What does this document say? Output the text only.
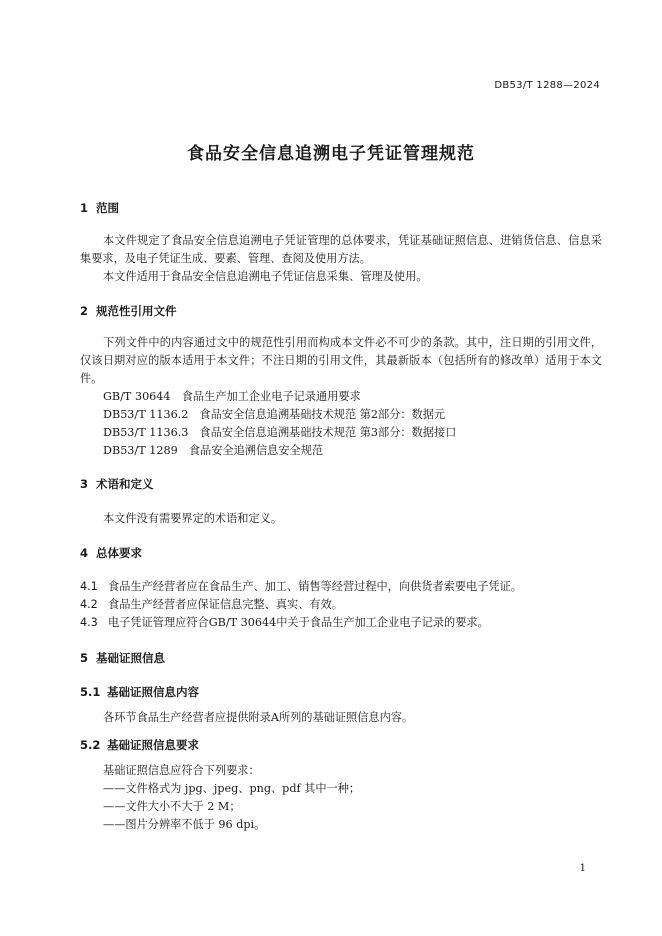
DB53/T 1288—2024
食品安全信息追溯电子凭证管理规范
1 范围
本文件规定了食品安全信息追溯电子凭证管理的总体要求，凭证基础证照信息、进销货信息、信息采集要求，及电子凭证生成、要素、管理、查阅及使用方法。
本文件适用于食品安全信息追溯电子凭证信息采集、管理及使用。
2 规范性引用文件
下列文件中的内容通过文中的规范性引用而构成本文件必不可少的条款。其中，注日期的引用文件，仅该日期对应的版本适用于本文件；不注日期的引用文件，其最新版本（包括所有的修改单）适用于本文件。
GB/T 30644　食品生产加工企业电子记录通用要求
DB53/T 1136.2　食品安全信息追溯基础技术规范 第2部分：数据元
DB53/T 1136.3　食品安全信息追溯基础技术规范 第3部分：数据接口
DB53/T 1289　食品安全追溯信息安全规范
3 术语和定义
本文件没有需要界定的术语和定义。
4 总体要求
4.1 食品生产经营者应在食品生产、加工、销售等经营过程中，向供货者索要电子凭证。
4.2 食品生产经营者应保证信息完整、真实、有效。
4.3 电子凭证管理应符合GB/T 30644中关于食品生产加工企业电子记录的要求。
5 基础证照信息
5.1 基础证照信息内容
各环节食品生产经营者应提供附录A所列的基础证照信息内容。
5.2 基础证照信息要求
基础证照信息应符合下列要求：
——文件格式为 jpg、jpeg、png、pdf 其中一种；
——文件大小不大于 2 M；
——图片分辨率不低于 96 dpi。
1
